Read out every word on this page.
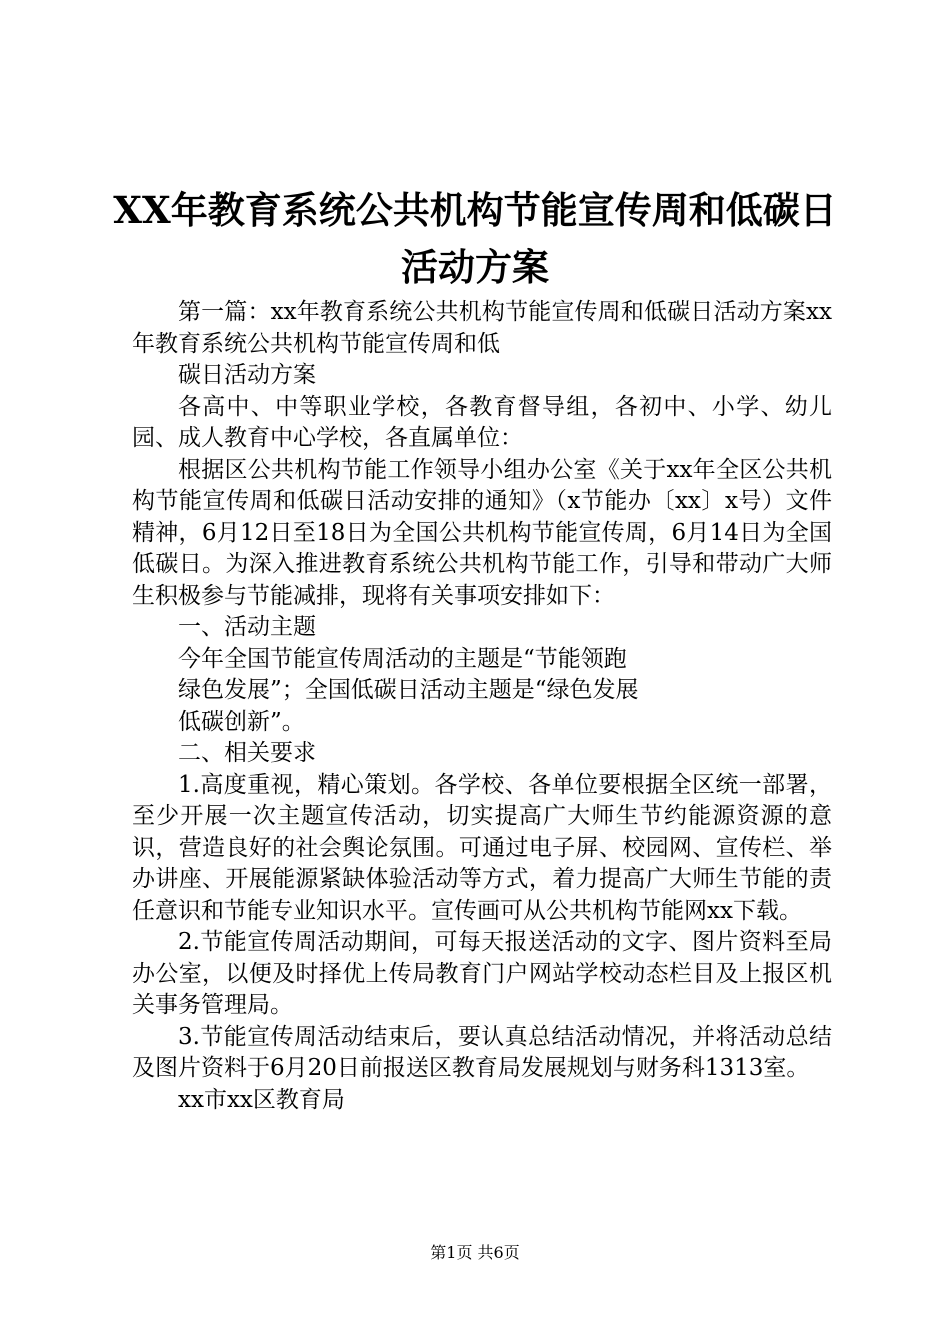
XX年教育系统公共机构节能宣传周和低碳日
活动方案

第一篇：xx年教育系统公共机构节能宣传周和低碳日活动方案xx年教育系统公共机构节能宣传周和低

碳日活动方案

各高中、中等职业学校，各教育督导组，各初中、小学、幼儿园、成人教育中心学校，各直属单位：

根据区公共机构节能工作领导小组办公室《关于xx年全区公共机构节能宣传周和低碳日活动安排的通知》（x节能办〔xx〕x号）文件精神，6月12日至18日为全国公共机构节能宣传周，6月14日为全国低碳日。为深入推进教育系统公共机构节能工作，引导和带动广大师生积极参与节能减排，现将有关事项安排如下：

一、活动主题

今年全国节能宣传周活动的主题是“节能领跑

绿色发展”；全国低碳日活动主题是“绿色发展

低碳创新”。

二、相关要求

1.高度重视，精心策划。各学校、各单位要根据全区统一部署，至少开展一次主题宣传活动，切实提高广大师生节约能源资源的意识，营造良好的社会舆论氛围。可通过电子屏、校园网、宣传栏、举办讲座、开展能源紧缺体验活动等方式，着力提高广大师生节能的责任意识和节能专业知识水平。宣传画可从公共机构节能网xx下载。

2.节能宣传周活动期间，可每天报送活动的文字、图片资料至局办公室，以便及时择优上传局教育门户网站学校动态栏目及上报区机关事务管理局。

3.节能宣传周活动结束后，要认真总结活动情况，并将活动总结及图片资料于6月20日前报送区教育局发展规划与财务科1313室。

xx市xx区教育局

第1页 共6页
